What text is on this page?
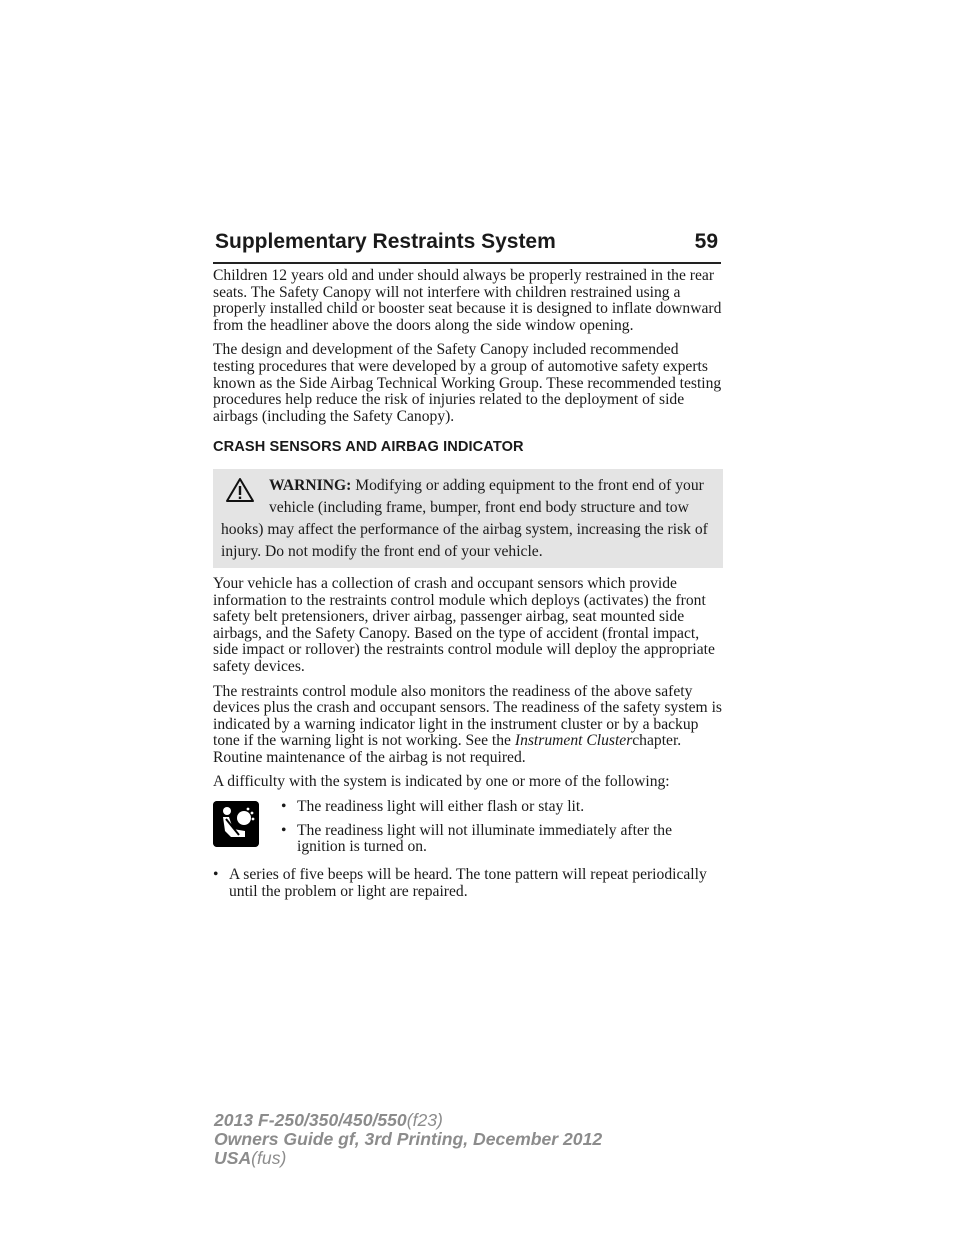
Supplementary Restraints System	59

Children 12 years old and under should always be properly restrained in the rear seats. The Safety Canopy will not interfere with children restrained using a properly installed child or booster seat because it is designed to inflate downward from the headliner above the doors along the side window opening.

The design and development of the Safety Canopy included recommended testing procedures that were developed by a group of automotive safety experts known as the Side Airbag Technical Working Group. These recommended testing procedures help reduce the risk of injuries related to the deployment of side airbags (including the Safety Canopy).

CRASH SENSORS AND AIRBAG INDICATOR
WARNING: Modifying or adding equipment to the front end of your vehicle (including frame, bumper, front end body structure and tow hooks) may affect the performance of the airbag system, increasing the risk of injury. Do not modify the front end of your vehicle.

Your vehicle has a collection of crash and occupant sensors which provide information to the restraints control module which deploys (activates) the front safety belt pretensioners, driver airbag, passenger airbag, seat mounted side airbags, and the Safety Canopy. Based on the type of accident (frontal impact, side impact or rollover) the restraints control module will deploy the appropriate safety devices.

The restraints control module also monitors the readiness of the above safety devices plus the crash and occupant sensors. The readiness of the safety system is indicated by a warning indicator light in the instrument cluster or by a backup tone if the warning light is not working. See the Instrument Clusterchapter. Routine maintenance of the airbag is not required.

A difficulty with the system is indicated by one or more of the following:

• The readiness light will either flash or stay lit.
• The readiness light will not illuminate immediately after the ignition is turned on.
• A series of five beeps will be heard. The tone pattern will repeat periodically until the problem or light are repaired.
2013 F-250/350/450/550(f23)
Owners Guide gf, 3rd Printing, December 2012
USA(fus)
